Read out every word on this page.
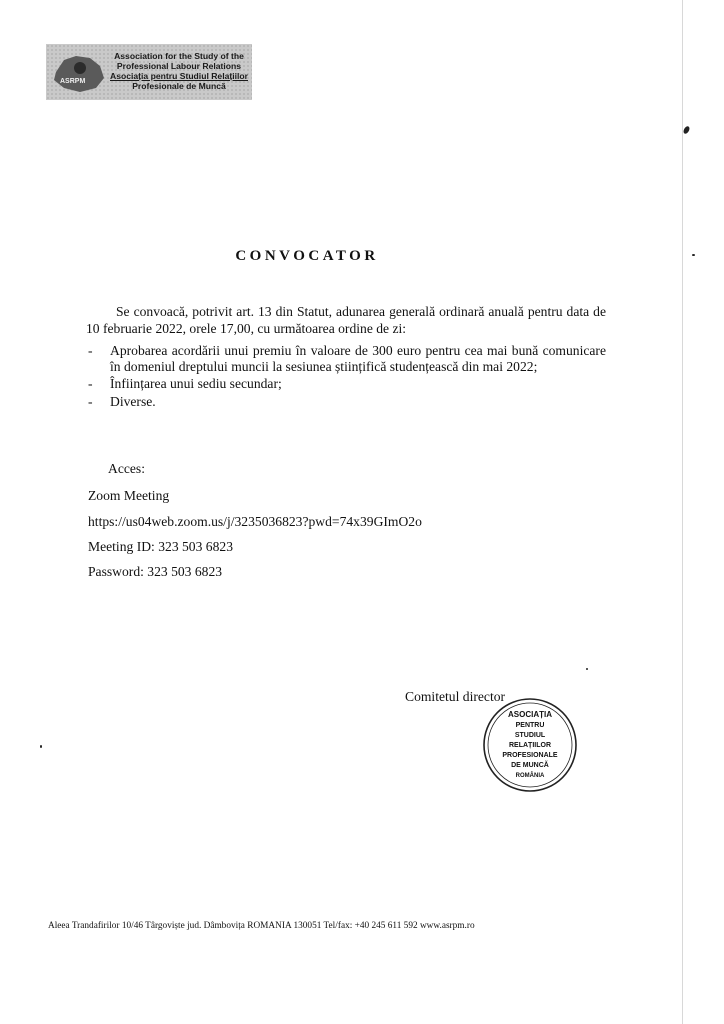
ASRPM
Association for the Study of the
Professional Labour Relations
Asociația pentru Studiul Relațiilor
Profesionale de Muncă
CONVOCATOR
Se convoacă, potrivit art. 13 din Statut, adunarea generală ordinară anuală pentru data de 10 februarie 2022, orele 17,00, cu următoarea ordine de zi:
- Aprobarea acordării unui premiu în valoare de 300 euro pentru cea mai bună comunicare în domeniul dreptului muncii la sesiunea științifică studențească din mai 2022;
- Înființarea unui sediu secundar;
- Diverse.
Acces:
Zoom Meeting
https://us04web.zoom.us/j/3235036823?pwd=74x39GImO2o
Meeting ID: 323 503 6823
Password: 323 503 6823
Comitetul director
ASOCIAȚIA
PENTRU
STUDIUL
RELAȚIILOR
PROFESIONALE
DE MUNCĂ
ROMÂNIA
Aleea Trandafirilor 10/46 Târgoviște jud. Dâmbovița ROMANIA 130051 Tel/fax: +40 245 611 592 www.asrpm.ro
